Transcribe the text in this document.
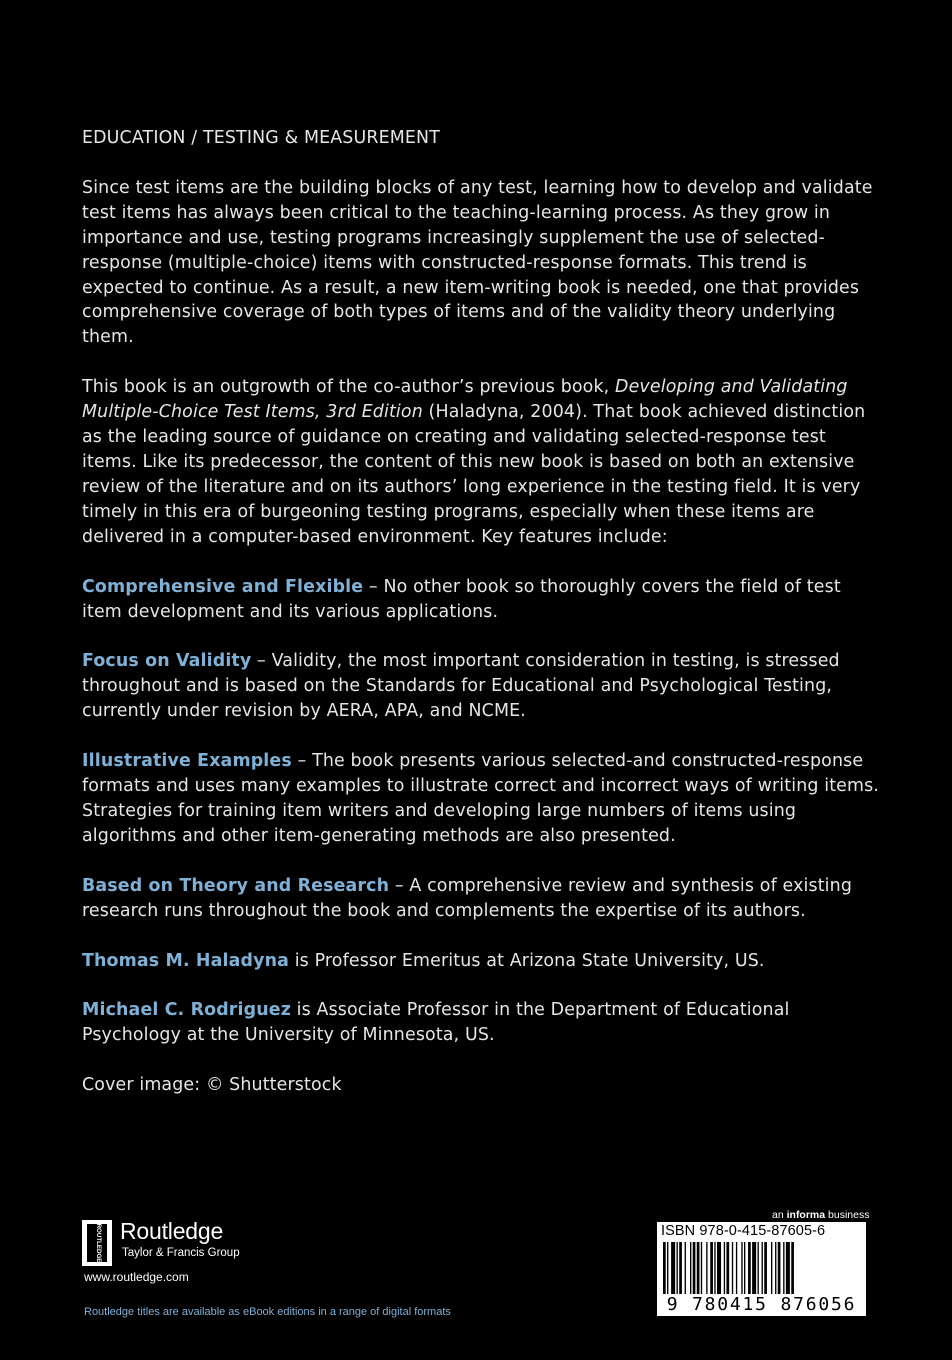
EDUCATION / TESTING & MEASUREMENT

Since test items are the building blocks of any test, learning how to develop and validate test items has always been critical to the teaching-learning process. As they grow in importance and use, testing programs increasingly supplement the use of selected-response (multiple-choice) items with constructed-response formats. This trend is expected to continue. As a result, a new item-writing book is needed, one that provides comprehensive coverage of both types of items and of the validity theory underlying them.

This book is an outgrowth of the co-author’s previous book, Developing and Validating Multiple-Choice Test Items, 3rd Edition (Haladyna, 2004). That book achieved distinction as the leading source of guidance on creating and validating selected-response test items. Like its predecessor, the content of this new book is based on both an extensive review of the literature and on its authors’ long experience in the testing field. It is very timely in this era of burgeoning testing programs, especially when these items are delivered in a computer-based environment. Key features include:

Comprehensive and Flexible – No other book so thoroughly covers the field of test item development and its various applications.

Focus on Validity – Validity, the most important consideration in testing, is stressed throughout and is based on the Standards for Educational and Psychological Testing, currently under revision by AERA, APA, and NCME.

Illustrative Examples – The book presents various selected-and constructed-response formats and uses many examples to illustrate correct and incorrect ways of writing items. Strategies for training item writers and developing large numbers of items using algorithms and other item-generating methods are also presented.

Based on Theory and Research – A comprehensive review and synthesis of existing research runs throughout the book and complements the expertise of its authors.

Thomas M. Haladyna is Professor Emeritus at Arizona State University, US.

Michael C. Rodriguez is Associate Professor in the Department of Educational Psychology at the University of Minnesota, US.

Cover image: © Shutterstock

ROUTLEDGE Routledge
Taylor & Francis Group
www.routledge.com
Routledge titles are available as eBook editions in a range of digital formats
an informa business
ISBN 978-0-415-87605-6
9 780415 876056
